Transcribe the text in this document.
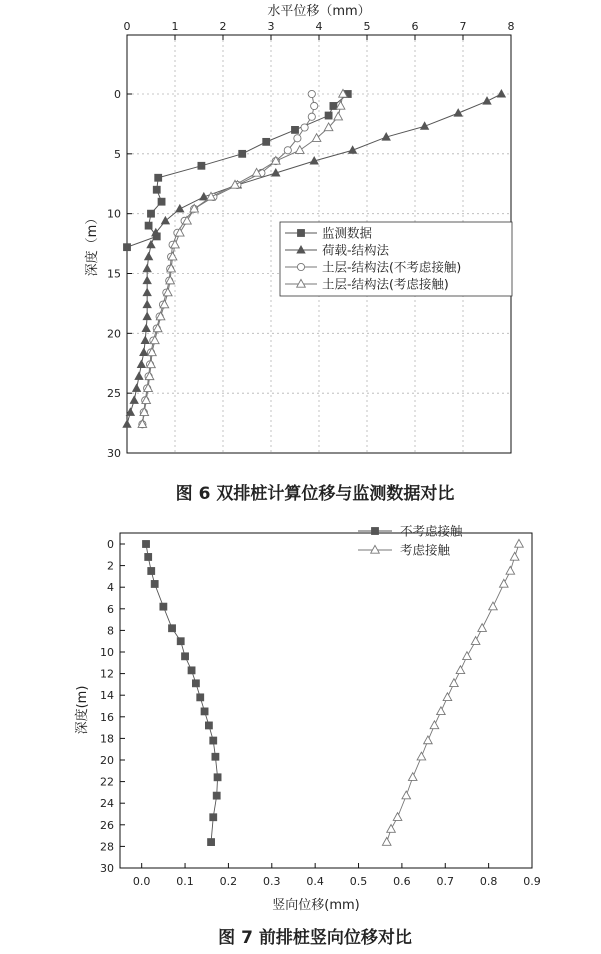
0	1	2	3	4	5	6	7	8
0
5
10
15
20
25
30
水平位移（mm）
深度（m）	监测数据
荷载-结构法
土层-结构法(不考虑接触)
土层-结构法(考虑接触)
图 6 双排桩计算位移与监测数据对比
0.0 0.1 0.2 0.3 0.4 0.5 0.6 0.7 0.8 0.9
0
2
4
6
8
10
12
14
16
18
20
22
24
26
28
30
竖向位移(mm)
深度(m)
不考虑接触
考虑接触
图 7 前排桩竖向位移对比
